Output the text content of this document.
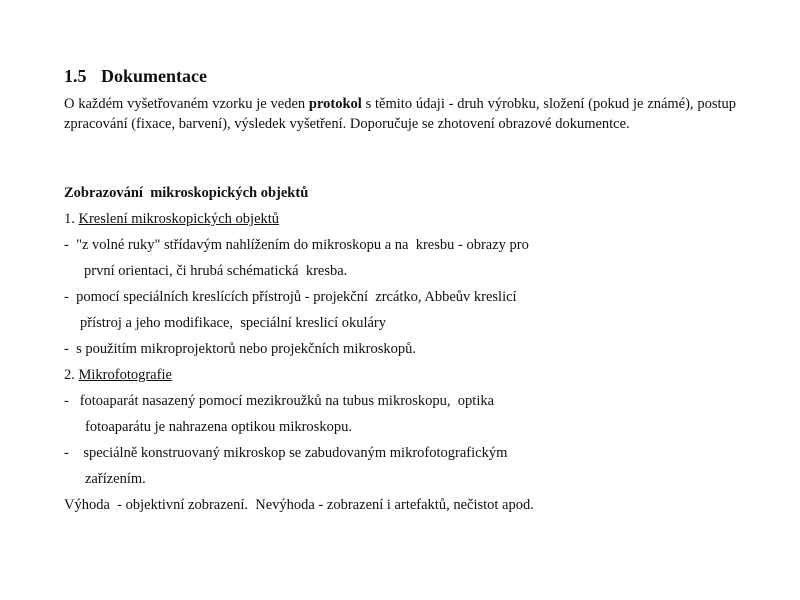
1.5 Dokumentace
O každém vyšetřovaném vzorku je veden protokol s těmito údaji - druh výrobku, složení (pokud je známé), postup zpracování (fixace, barvení), výsledek vyšetření. Doporučuje se zhotovení obrazové dokumentce.
Zobrazování  mikroskopických objektů
1. Kreslení mikroskopických objektů
-  "z volné ruky" střídavým nahlížením do mikroskopu a na  kresbu - obrazy pro
první orientaci, či hrubá schématická  kresba.
-  pomocí speciálních kreslících přístrojů - projekční  zrcátko, Abbeův kreslicí
přístroj a jeho modifikace,  speciální kreslicí okuláry
-  s použitím mikroprojektorů nebo projekčních mikroskopů.
2. Mikrofotografie
-   fotoaparát nasazený pomocí mezikroužků na tubus mikroskopu,  optika
fotoaparátu je nahrazena optikou mikroskopu.
-    speciálně konstruovaný mikroskop se zabudovaným mikrofotografickým
zařízením.
Výhoda  - objektivní zobrazení.  Nevýhoda - zobrazení i artefaktů, nečistot apod.
